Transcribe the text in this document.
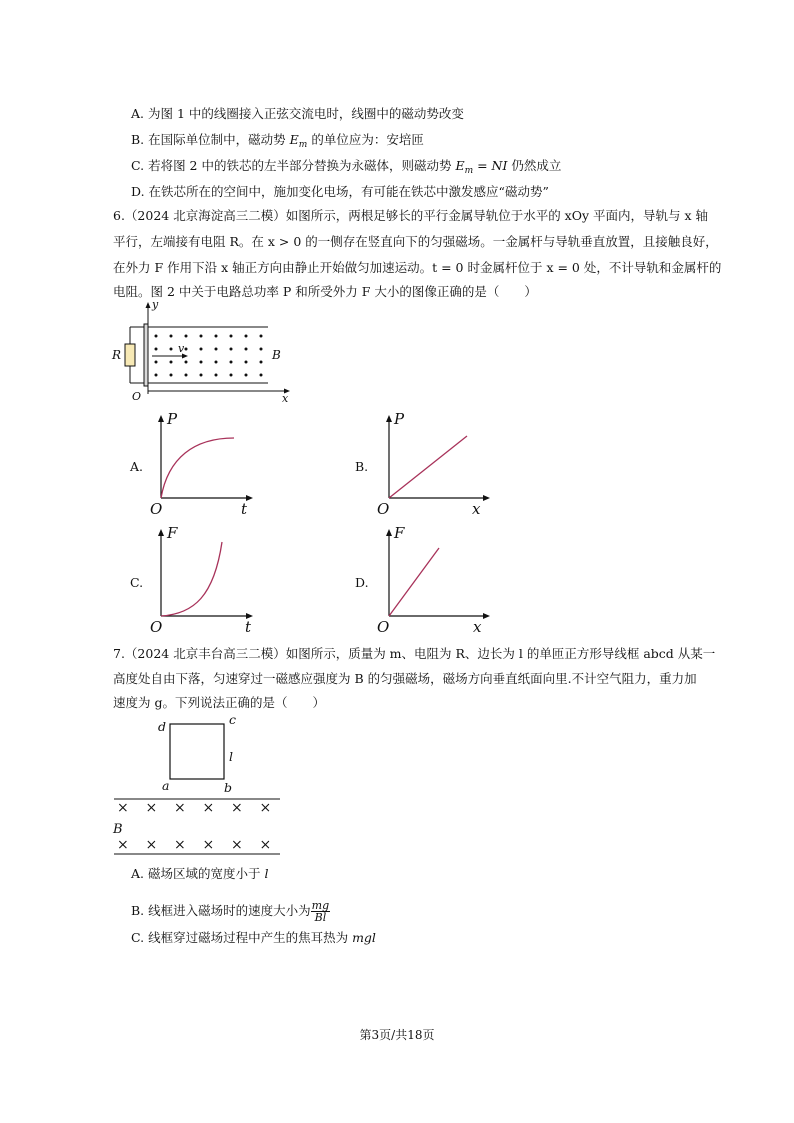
A. 为图 1 中的线圈接入正弦交流电时，线圈中的磁动势改变
B. 在国际单位制中，磁动势 $E_m$ 的单位应为：安培匝
C. 若将图 2 中的铁芯的左半部分替换为永磁体，则磁动势 $E_m$ = NI 仍然成立
D. 在铁芯所在的空间中，施加变化电场，有可能在铁芯中激发感应“磁动势”
6.（2024 北京海淀高三二模）如图所示，两根足够长的平行金属导轨位于水平的 xOy 平面内，导轨与 x 轴
平行，左端接有电阻 R。在 x > 0 的一侧存在竖直向下的匀强磁场。一金属杆与导轨垂直放置，且接触良好，
在外力 F 作用下沿 x 轴正方向由静止开始做匀加速运动。t = 0 时金属杆位于 x = 0 处，不计导轨和金属杆的
电阻。图 2 中关于电路总功率 P 和所受外力 F 大小的图像正确的是（　　）
y
R	v	B
O	x
A.
P
O	t
B.
P
O	x
C.
F
O	t
D.
F
O	x
7.（2024 北京丰台高三二模）如图所示，质量为 m、电阻为 R、边长为 l 的单匝正方形导线框 abcd 从某一
高度处自由下落，匀速穿过一磁感应强度为 B 的匀强磁场，磁场方向垂直纸面向里.不计空气阻力，重力加
速度为 g。下列说法正确的是（　　）
d	c
l
a	b
B
× × × × × ×
× × × × × ×
A. 磁场区域的宽度小于 l
B. 线框进入磁场时的速度大小为 $\frac{mg}{Bl}$
C. 线框穿过磁场过程中产生的焦耳热为 mgl
第3页/共18页
